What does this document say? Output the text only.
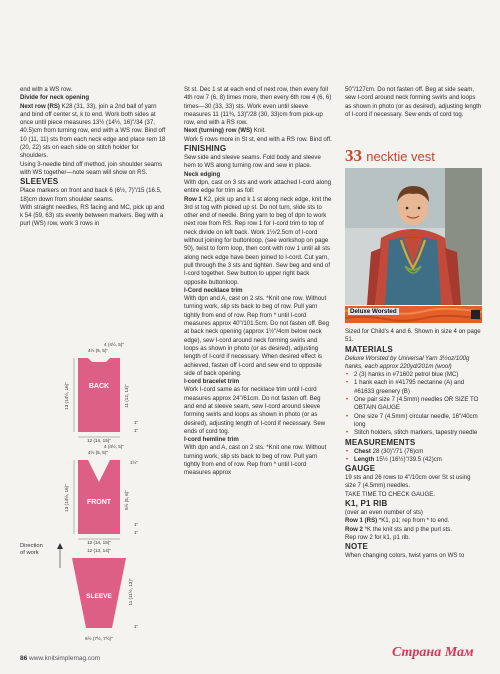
end with a WS row.

Divide for neck opening

Next row (RS) K28 (31, 33), join a 2nd ball of yarn and bind off center st, k to end. Work both sides at once until piece measures 13½ (14½, 16)"/34 (37, 40.5)cm from turning row, end with a WS row. Bind off 10 (11, 11) sts from each neck edge and place rem 18 (20, 22) sts on each side on stitch holder for shoulders.

Using 3-needle bind off method, join shoulder seams with WS together—note seam will show on RS.

SLEEVES

Place markers on front and back 6 (6½, 7)"/15 (16.5, 18)cm down from shoulder seams.

With straight needles, RS facing and MC, pick up and k 54 (59, 63) sts evenly between markers. Beg with a purl (WS) row, work 3 rows in

BACK
4 (4½, 5)"
4½ (5, 5)"
13 (14½, 16)"	11 (12, 13)"
1"
1"
12 (14, 15)"
FRONT
4 (4½, 5)"
4½ (5, 5)"
13 (14½, 16)"
1½"
5½ (5, 6)"
1"
1"
12 (14, 15)"
SLEEVE
12 (13, 14)"
11 (11½, 13)"
1"
6½ (7½, 7½)"
Direction of work

St st. Dec 1 st at each end of next row, then every foll 4th row 7 (6, 8) times more, then every 6th row 4 (6, 6) times—30 (33, 33) sts. Work even until sleeve measures 11 (11¾, 13)"/28 (30, 33)cm from pick-up row, end with a RS row.

Next (turning) row (WS) Knit.

Work 5 rows more in St st, end with a RS row. Bind off.

FINISHING

Sew side and sleeve seams. Fold body and sleeve hem to WS along turning row and sew in place.

Neck edging

With dpn, cast on 3 sts and work attached I-cord along entire edge for trim as foll:

Row 1 K2, pick up and k 1 st along neck edge, knit the 3rd st tog with picked up st. Do not turn, slide sts to other end of needle. Bring yarn to beg of dpn to work next row from RS. Rep row 1 for I-cord trim to top of neck divide on left back. Work 1½/2.5cm of I-cord without joining for buttonloop, (see workshop on page 50), twist to form loop, then cont with row 1 until all sts along neck edge have been joined to I-cord. Cut yarn, pull through the 3 sts and tighten. Sew beg and end of I-cord together. Sew button to upper right back opposite buttonloop.

I-Cord necklace trim

With dpn and A, cast on 2 sts. *Knit one row. Without turning work, slip sts back to beg of row. Pull yarn tightly from end of row. Rep from * until I-cord measures approx 40"/101.5cm. Do not fasten off. Beg at back neck opening (approx 1½"/4cm below neck edge), sew I-cord around neck forming swirls and loops as shown in photo (or as desired), adjusting length of I-cord if necessary. When desired effect is achieved, fasten off I-cord and sew end to opposite side of back opening.

I-cord bracelet trim

Work I-cord same as for necklace trim until I-cord measures approx 24"/61cm. Do not fasten off. Beg and end at sleeve seam, sew I-cord around sleeve forming swirls and loops as shown in photo (or as desired), adjusting length of I-cord if necessary. Sew ends of cord tog.

I-cord hemline trim

With dpn and A, cast on 2 sts. *Knit one row. Without turning work, slip sts back to beg of row. Pull yarn tightly from end of row. Rep from * until I-cord measures approx

50"/127cm. Do not fasten off. Beg at side seam, sew I-cord around neck forming swirls and loops as shown in photo (or as desired), adjusting length of I-cord if necessary. Sew ends of cord tog.

33 necktie vest
Deluxe Worsted

Sized for Child's 4 and 6. Shown in size 4 on page 51.

MATERIALS

Deluxe Worsted by Universal Yarn 3½oz/100g hanks, each approx 220yd/201m (wool)

• 2 (3) hanks in #71602 petrol blue (MC)
• 1 hank each in #41795 nectarine (A) and #61633 greenery (B)
• One pair size 7 (4.5mm) needles OR SIZE TO OBTAIN GAUGE
• One size 7 (4.5mm) circular needle, 16"/40cm long
• Stitch holders, stitch markers, tapestry needle

MEASUREMENTS

• Chest 28 (30)"/71 (76)cm
• Length 15½ (16½)"/39.5 (42)cm

GAUGE

19 sts and 26 rows to 4"/10cm over St st using size 7 (4.5mm) needles.

TAKE TIME TO CHECK GAUGE.

K1, P1 RIB

(over an even number of sts)

Row 1 (RS) *K1, p1; rep from * to end.

Row 2 *K the knit sts and p the purl sts.

Rep row 2 for k1, p1 rib.

NOTE

When changing colors, twist yarns on WS to

86 www.knitsimplemag.com	Страна Мам
